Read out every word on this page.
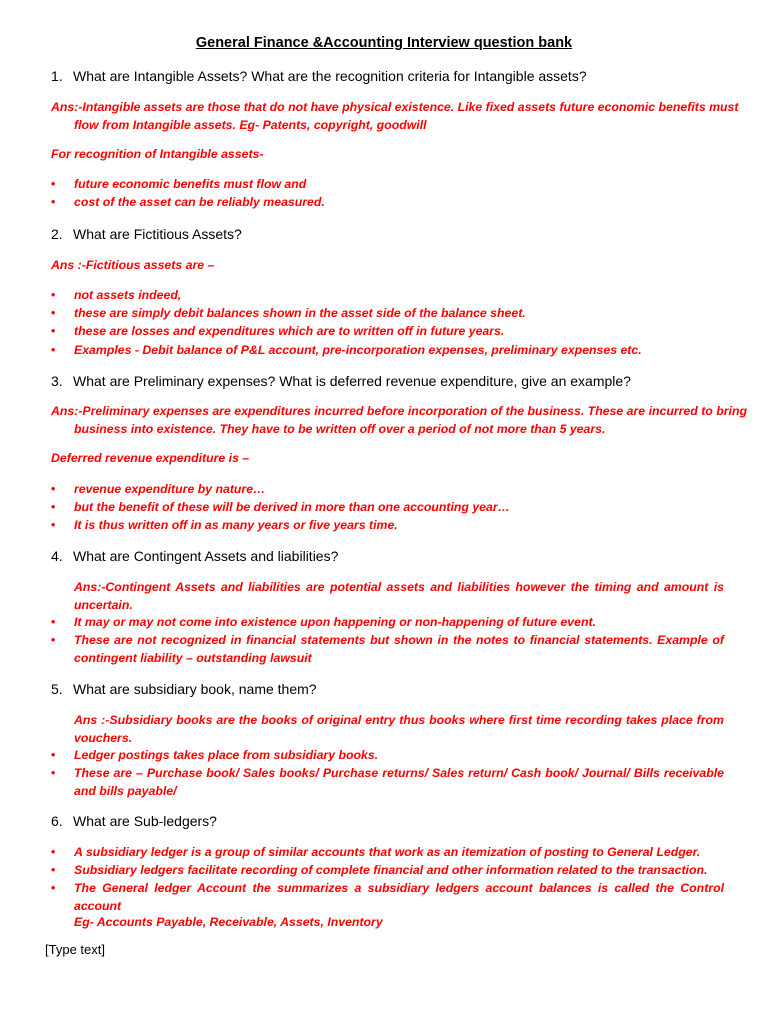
General Finance &Accounting Interview question bank
1. What are Intangible Assets? What are the recognition criteria for Intangible assets?
Ans:-Intangible assets are those that do not have physical existence. Like fixed assets future economic benefits must flow from Intangible assets. Eg- Patents, copyright, goodwill
For recognition of Intangible assets-
• future economic benefits must flow and
• cost of the asset can be reliably measured.
2. What are Fictitious Assets?
Ans :-Fictitious assets are –
• not assets indeed,
• these are simply debit balances shown in the asset side of the balance sheet.
• these are losses and expenditures which are to written off in future years.
• Examples - Debit balance of P&L account, pre-incorporation expenses, preliminary expenses etc.
3. What are Preliminary expenses? What is deferred revenue expenditure, give an example?
Ans:-Preliminary expenses are expenditures incurred before incorporation of the business. These are incurred to bring business into existence. They have to be written off over a period of not more than 5 years.
Deferred revenue expenditure is –
• revenue expenditure by nature…
• but the benefit of these will be derived in more than one accounting year…
• It is thus written off in as many years or five years time.
4. What are Contingent Assets and liabilities?
Ans:-Contingent Assets and liabilities are potential assets and liabilities however the timing and amount is uncertain.
• It may or may not come into existence upon happening or non-happening of future event.
• These are not recognized in financial statements but shown in the notes to financial statements. Example of contingent liability – outstanding lawsuit
5. What are subsidiary book, name them?
Ans :-Subsidiary books are the books of original entry thus books where first time recording takes place from vouchers.
• Ledger postings takes place from subsidiary books.
• These are – Purchase book/ Sales books/ Purchase returns/ Sales return/ Cash book/ Journal/ Bills receivable and bills payable/
6. What are Sub-ledgers?
• A subsidiary ledger is a group of similar accounts that work as an itemization of posting to General Ledger.
• Subsidiary ledgers facilitate recording of complete financial and other information related to the transaction.
• The General ledger Account the summarizes a subsidiary ledgers account balances is called the Control account
Eg- Accounts Payable, Receivable, Assets, Inventory
[Type text]
